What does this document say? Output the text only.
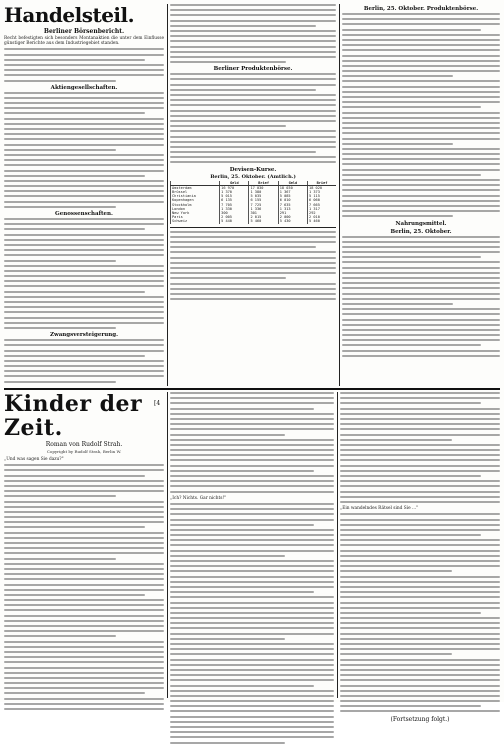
Handelsteil.
Berliner Börsenbericht.
Recht befestigten sich besonders Montanaktien die unter dem Einflusse günstiger Berichte aus dem Industriegebiet standen.
Aktiengesellschaften.
Genossenschaften.
Zwangsversteigerung.
Berliner Produktenbörse.
Devisen-Kurse.
Berlin, 25. Oktober. (Amtlich.)
	Geld	Brief	Geld	Brief
Amsterdam	16 970	17 030	18 030	18 020
Brüssel	1 370	1 380	1 367	1 373
Christiania	5 015	5 035	5 085	5 115
Kopenhagen	6 135	6 155	6 010	6 060
Stockholm	7 705	7 725	7 635	7 665
London	1 330	1 336	1 313	1 317
New York	300	301	291	292
Paris	2 005	2 015	2 000	2 010
Schweiz	5 440	5 460	5 430	5 460
Berlin, 25. Oktober. Produktenbörse.
Nahrungsmittel.
Berlin, 25. Oktober.
Kinder der Zeit.
Roman von Rudolf Strah.
Copyright by Rudolf Strah, Berlin W.
„Und was sagen Sie dazu?"
„Ich? Nichts. Gar nichts!"
„Ein wandelndes Rätsel sind Sie ..."
(Fortsetzung folgt.)
[4
